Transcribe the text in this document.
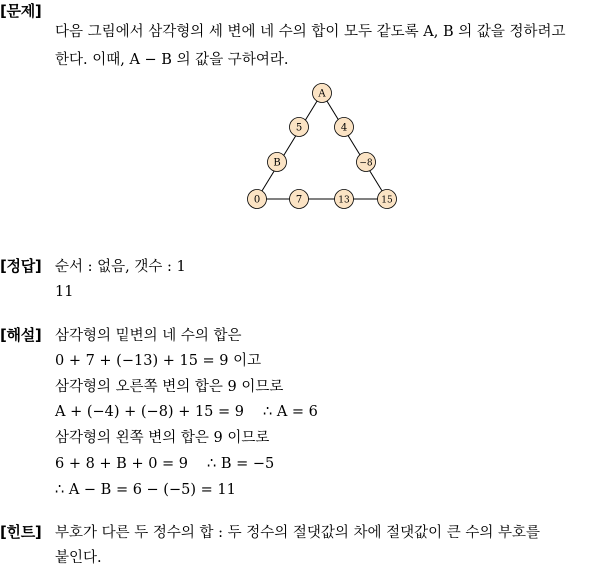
[문제]
다음 그림에서 삼각형의 세 변에 네 수의 합이 모두 같도록 A, B 의 값을 정하려고
한다. 이때, A − B 의 값을 구하여라.
A
5	4
B	−8
0	7	13	15
[정답] 순서 : 없음, 갯수 : 1
11
[해설] 삼각형의 밑변의 네 수의 합은
0 + 7 + (−13) + 15 = 9 이고
삼각형의 오른쪽 변의 합은 9 이므로
A + (−4) + (−8) + 15 = 9 ∴ A = 6
삼각형의 왼쪽 변의 합은 9 이므로
6 + 8 + B + 0 = 9 ∴ B = −5
∴ A − B = 6 − (−5) = 11
[힌트] 부호가 다른 두 정수의 합 : 두 정수의 절댓값의 차에 절댓값이 큰 수의 부호를
붙인다.
